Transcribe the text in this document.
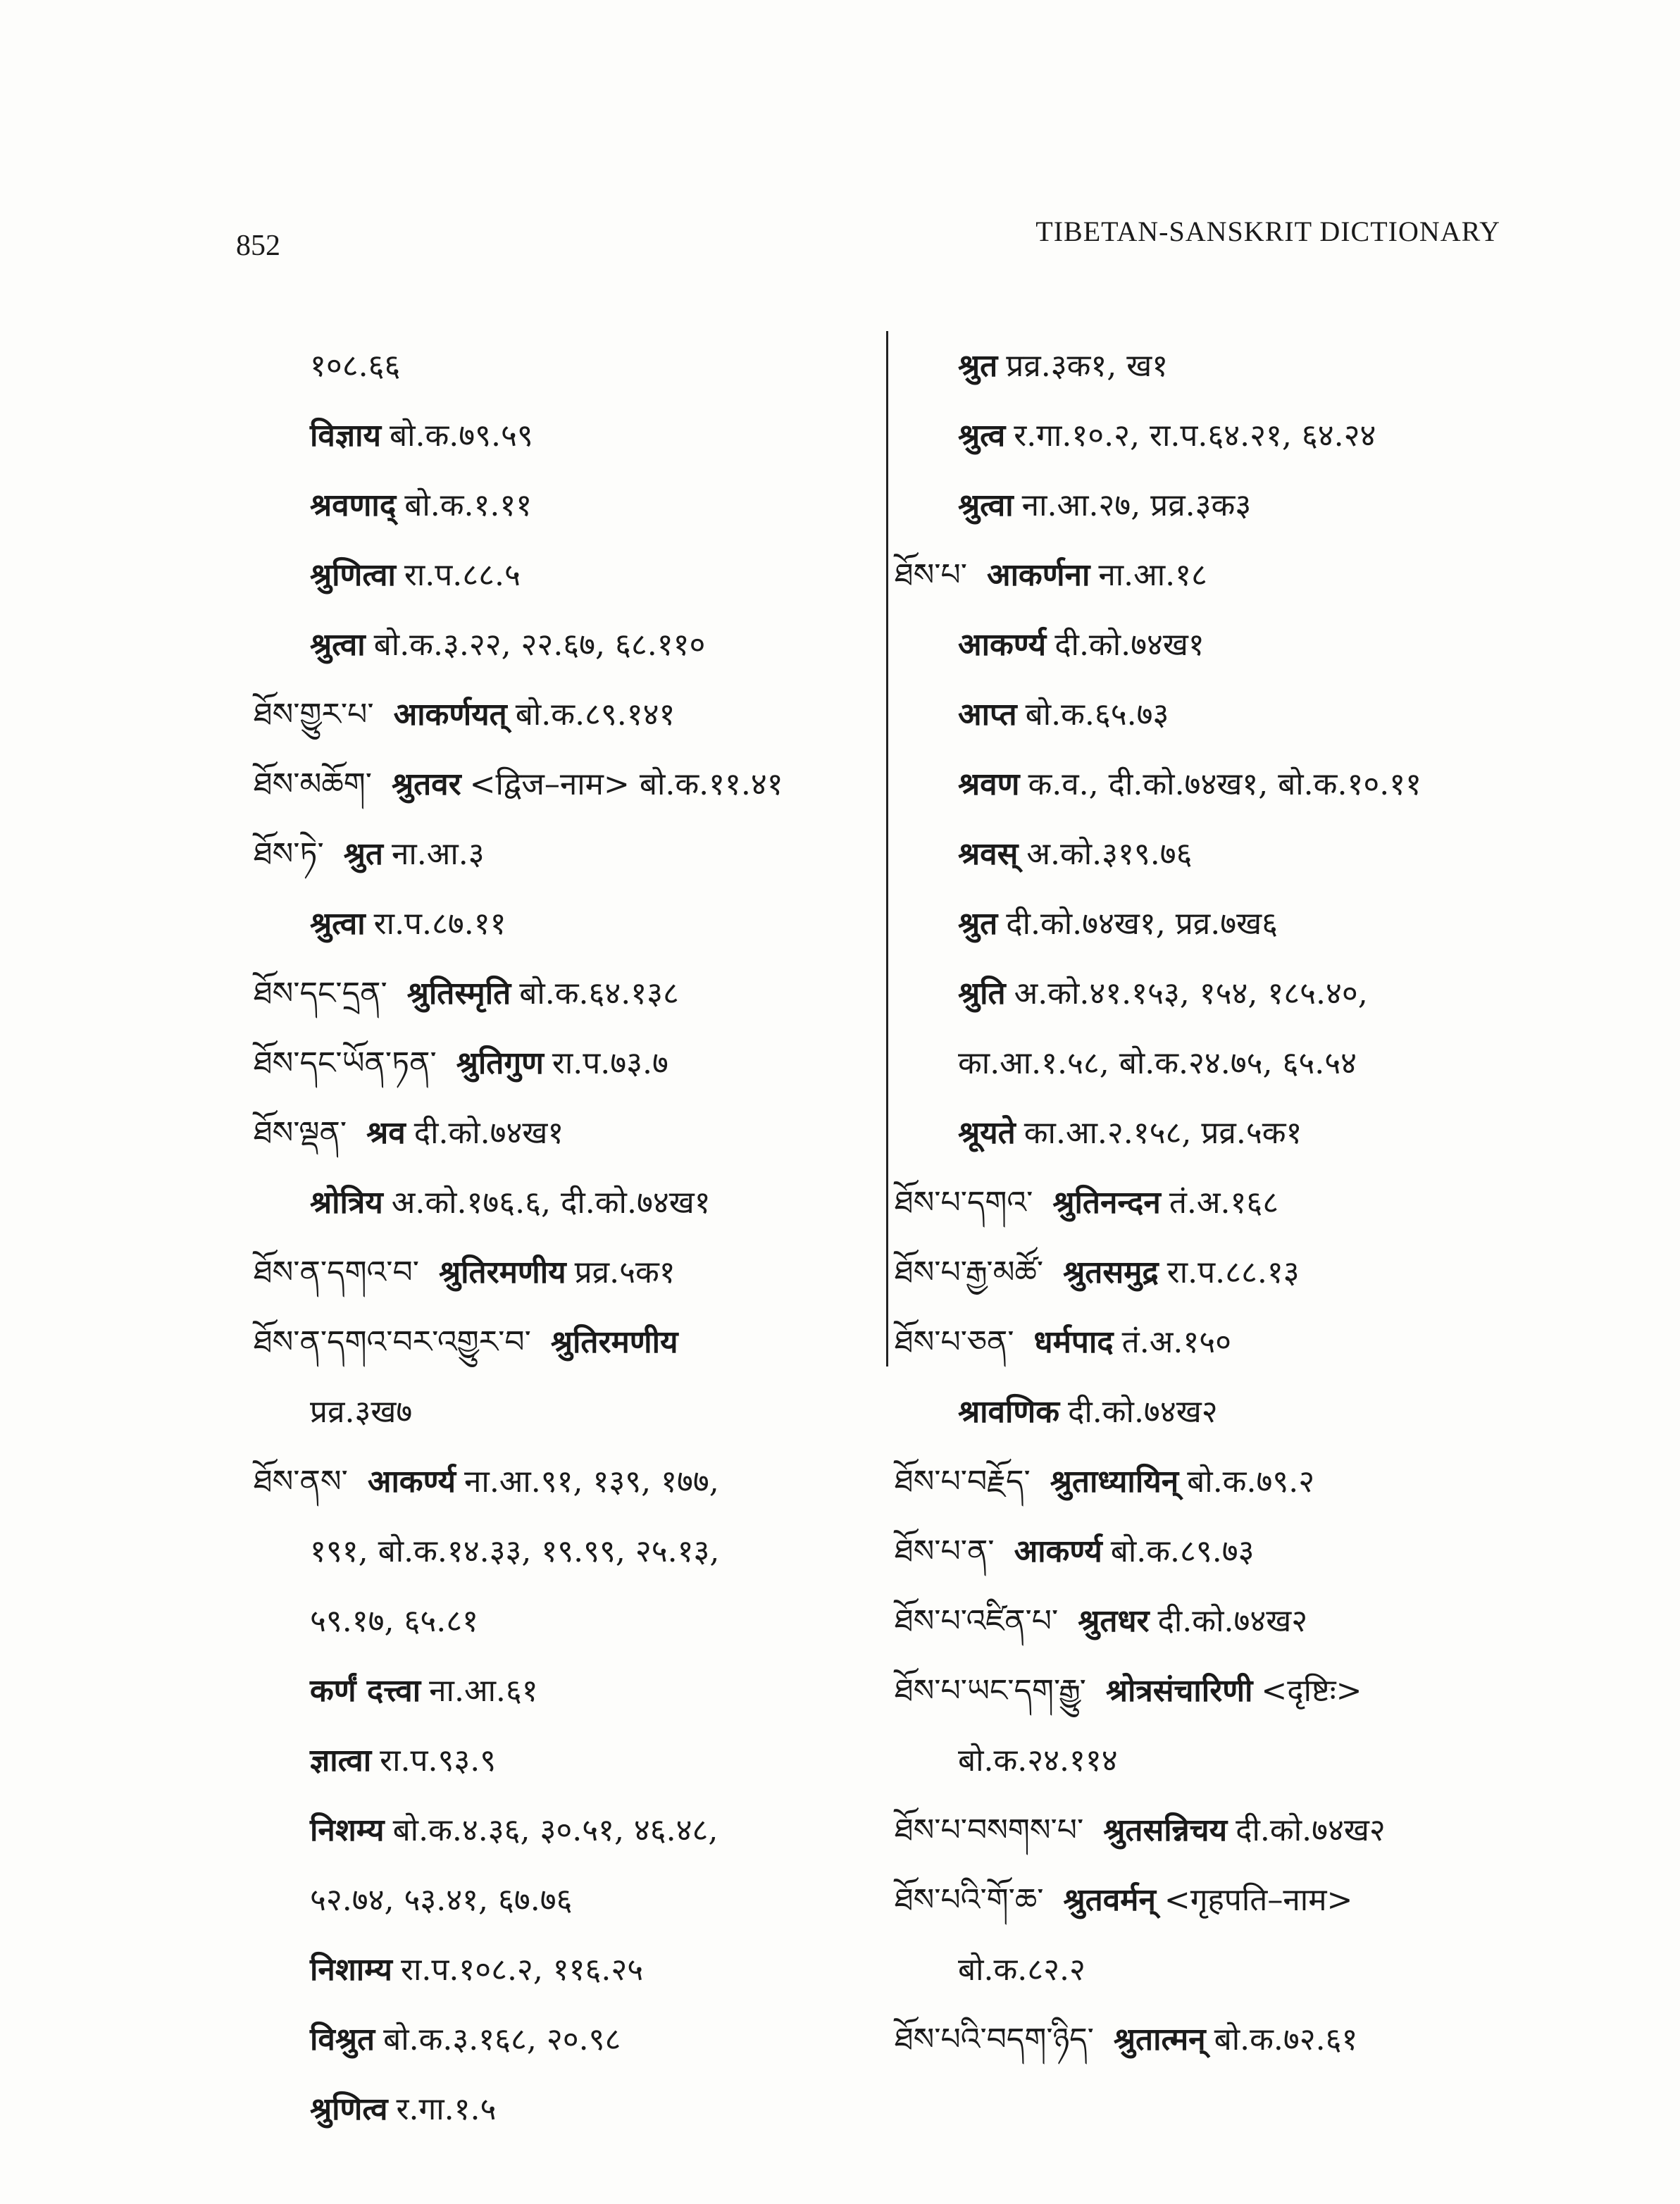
852	TIBETAN-SANSKRIT DICTIONARY
१०८.६६
विज्ञाय बो.क.७९.५९
श्रवणाद् बो.क.१.११
श्रुणित्वा रा.प.८८.५
श्रुत्वा बो.क.३.२२, २२.६७, ६८.११०
ཐོས་གྱུར་པ་ आकर्णयत् बो.क.८९.१४१
ཐོས་མཆོག་ श्रुतवर <द्विज–नाम> बो.क.११.४१
ཐོས་ཏེ་ श्रुत ना.आ.३
श्रुत्वा रा.प.८७.११
ཐོས་དང་དྲན་ श्रुतिस्मृति बो.क.६४.१३८
ཐོས་དང་ཡོན་ཏན་ श्रुतिगुण रा.प.७३.७
ཐོས་ལྡན་ श्रव दी.को.७४ख१
श्रोत्रिय अ.को.१७६.६, दी.को.७४ख१
ཐོས་ན་དགའ་བ་ श्रुतिरमणीय प्रव्र.५क१
ཐོས་ན་དགའ་བར་འགྱུར་བ་ श्रुतिरमणीय
प्रव्र.३ख७
ཐོས་ནས་ आकर्ण्य ना.आ.९१, १३९, १७७,
१९१, बो.क.१४.३३, १९.९९, २५.१३,
५९.१७, ६५.८१
कर्णं दत्त्वा ना.आ.६१
ज्ञात्वा रा.प.९३.९
निशम्य बो.क.४.३६, ३०.५१, ४६.४८,
५२.७४, ५३.४१, ६७.७६
निशाम्य रा.प.१०८.२, ११६.२५
विश्रुत बो.क.३.१६८, २०.९८
श्रुणित्व र.गा.१.५
श्रुत प्रव्र.३क१, ख१
श्रुत्व र.गा.१०.२, रा.प.६४.२१, ६४.२४
श्रुत्वा ना.आ.२७, प्रव्र.३क३
ཐོས་པ་ आकर्णना ना.आ.१८
आकर्ण्य दी.को.७४ख१
आप्त बो.क.६५.७३
श्रवण क.व., दी.को.७४ख१, बो.क.१०.११
श्रवस् अ.को.३१९.७६
श्रुत दी.को.७४ख१, प्रव्र.७ख६
श्रुति अ.को.४१.१५३, १५४, १८५.४०,
का.आ.१.५८, बो.क.२४.७५, ६५.५४
श्रूयते का.आ.२.१५८, प्रव्र.५क१
ཐོས་པ་དགའ་ श्रुतिनन्दन तं.अ.१६८
ཐོས་པ་རྒྱ་མཚོ་ श्रुतसमुद्र रा.प.८८.१३
ཐོས་པ་ཅན་ धर्मपाद तं.अ.१५०
श्रावणिक दी.को.७४ख२
ཐོས་པ་བརྗོད་ श्रुताध्यायिन् बो.क.७९.२
ཐོས་པ་ན་ आकर्ण्य बो.क.८९.७३
ཐོས་པ་འཛིན་པ་ श्रुतधर दी.को.७४ख२
ཐོས་པ་ཡང་དག་རྒྱུ་ श्रोत्रसंचारिणी <दृष्टिः>
बो.क.२४.११४
ཐོས་པ་བསགས་པ་ श्रुतसन्निचय दी.को.७४ख२
ཐོས་པའི་གོ་ཆ་ श्रुतवर्मन् <गृहपति–नाम>
बो.क.८२.२
ཐོས་པའི་བདག་ཉིད་ श्रुतात्मन् बो.क.७२.६१
